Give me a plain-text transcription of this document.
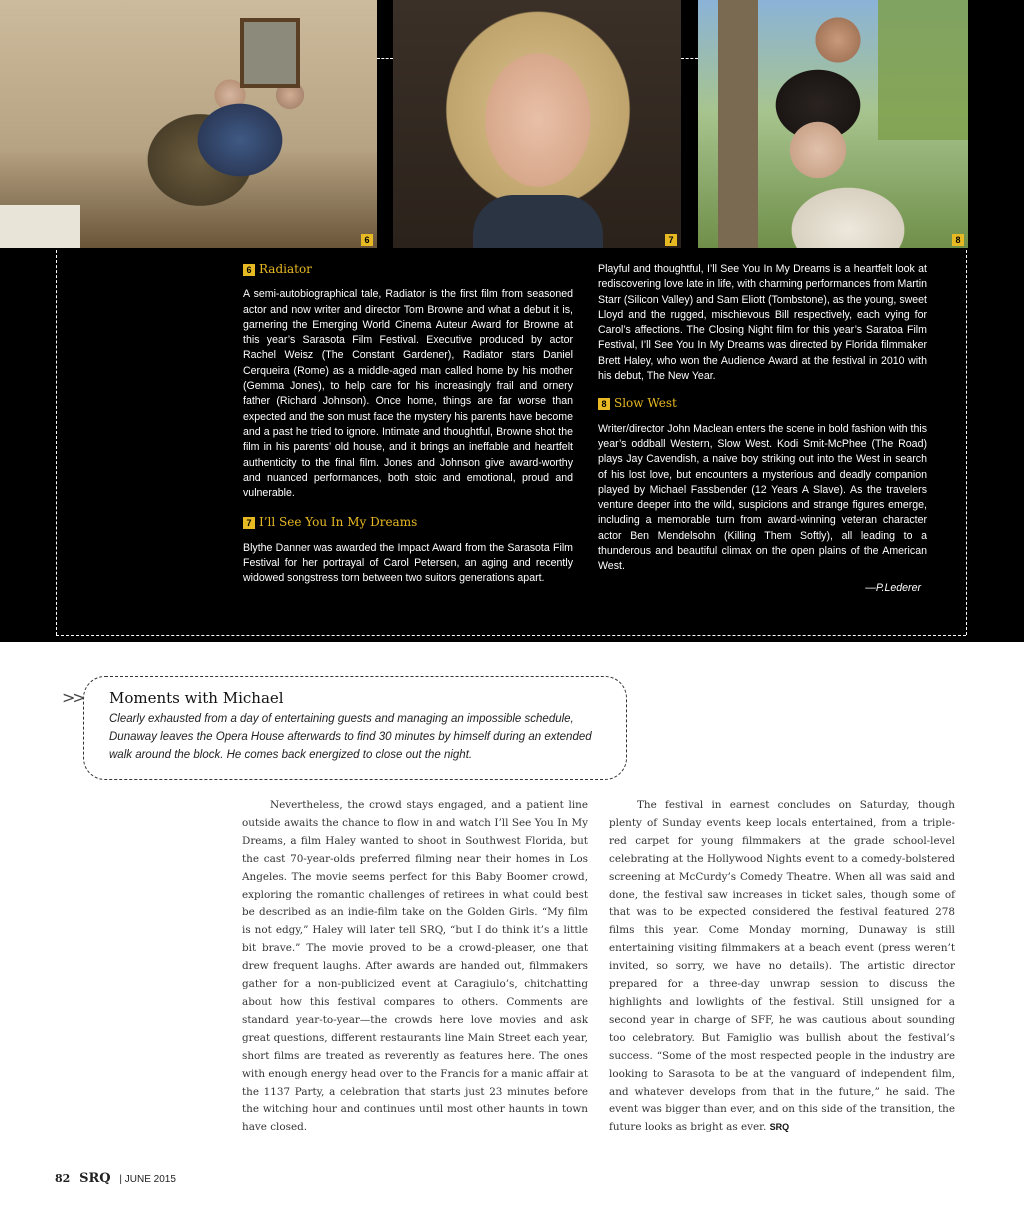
6	7	8
6 Radiator

A semi-autobiographical tale, Radiator is the first film from seasoned actor and now writer and director Tom Browne and what a debut it is, garnering the Emerging World Cinema Auteur Award for Browne at this year’s Sarasota Film Festival. Executive produced by actor Rachel Weisz (The Constant Gardener), Radiator stars Daniel Cerqueira (Rome) as a middle-aged man called home by his mother (Gemma Jones), to help care for his increasingly frail and ornery father (Richard Johnson). Once home, things are far worse than expected and the son must face the mystery his parents have become and a past he tried to ignore. Intimate and thoughtful, Browne shot the film in his parents’ old house, and it brings an ineffable and heartfelt authenticity to the final film. Jones and Johnson give award-worthy and nuanced performances, both stoic and emotional, proud and vulnerable.

7 I’ll See You In My Dreams

Blythe Danner was awarded the Impact Award from the Sarasota Film Festival for her portrayal of Carol Petersen, an aging and recently widowed songstress torn between two suitors generations apart.

Playful and thoughtful, I’ll See You In My Dreams is a heartfelt look at rediscovering love late in life, with charming performances from Martin Starr (Silicon Valley) and Sam Eliott (Tombstone), as the young, sweet Lloyd and the rugged, mischievous Bill respectively, each vying for Carol’s affections. The Closing Night film for this year’s Saratoa Film Festival, I’ll See You In My Dreams was directed by Florida filmmaker Brett Haley, who won the Audience Award at the festival in 2010 with his debut, The New Year.

8 Slow West

Writer/director John Maclean enters the scene in bold fashion with this year’s oddball Western, Slow West. Kodi Smit-McPhee (The Road) plays Jay Cavendish, a naive boy striking out into the West in search of his lost love, but encounters a mysterious and deadly companion played by Michael Fassbender (12 Years A Slave). As the travelers venture deeper into the wild, suspicions and strange figures emerge, including a memorable turn from award-winning veteran character actor Ben Mendelsohn (Killing Them Softly), all leading to a thunderous and beautiful climax on the open plains of the American West.

—P.Lederer
>> Moments with Michael
Clearly exhausted from a day of entertaining guests and managing an impossible schedule, Dunaway leaves the Opera House afterwards to find 30 minutes by himself during an extended walk around the block. He comes back energized to close out the night.

Nevertheless, the crowd stays engaged, and a patient line outside awaits the chance to flow in and watch I’ll See You In My Dreams, a film Haley wanted to shoot in Southwest Florida, but the cast 70-year-olds preferred filming near their homes in Los Angeles. The movie seems perfect for this Baby Boomer crowd, exploring the romantic challenges of retirees in what could best be described as an indie-film take on the Golden Girls. “My film is not edgy,” Haley will later tell SRQ, “but I do think it’s a little bit brave.” The movie proved to be a crowd-pleaser, one that drew frequent laughs. After awards are handed out, filmmakers gather for a non-publicized event at Caragiulo’s, chitchatting about how this festival compares to others. Comments are standard year-to-year—the crowds here love movies and ask great questions, different restaurants line Main Street each year, short films are treated as reverently as features here. The ones with enough energy head over to the Francis for a manic affair at the 1137 Party, a celebration that starts just 23 minutes before the witching hour and continues until most other haunts in town have closed.

The festival in earnest concludes on Saturday, though plenty of Sunday events keep locals entertained, from a triple-red carpet for young filmmakers at the grade school-level celebrating at the Hollywood Nights event to a comedy-bolstered screening at McCurdy’s Comedy Theatre. When all was said and done, the festival saw increases in ticket sales, though some of that was to be expected considered the festival featured 278 films this year. Come Monday morning, Dunaway is still entertaining visiting filmmakers at a beach event (press weren’t invited, so sorry, we have no details). The artistic director prepared for a three-day unwrap session to discuss the highlights and lowlights of the festival. Still unsigned for a second year in charge of SFF, he was cautious about sounding too celebratory. But Famiglio was bullish about the festival’s success. “Some of the most respected people in the industry are looking to Sarasota to be at the vanguard of independent film, and whatever develops from that in the future,” he said. The event was bigger than ever, and on this side of the transition, the future looks as bright as ever. SRQ

82 SRQ | JUNE 2015
